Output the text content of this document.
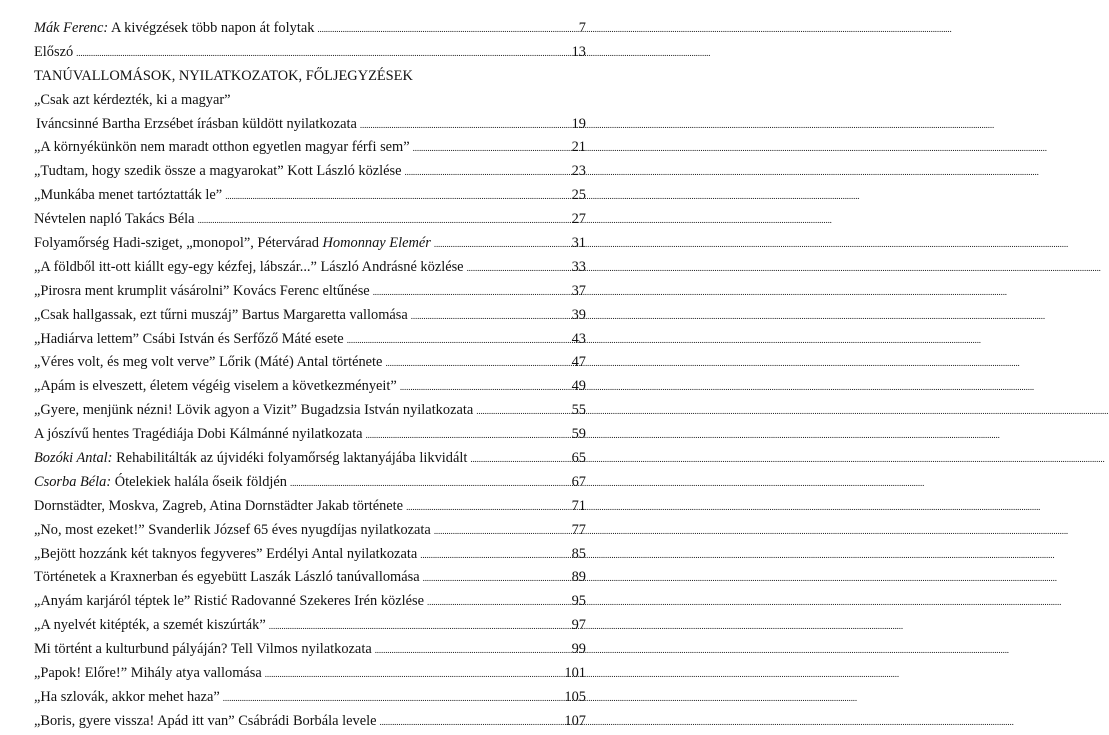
Mák Ferenc: A kivégzések több napon át folytak . . .	7
Előszó . . .	13
TANÚVALLOMÁSOK, NYILATKOZATOK, FŐLJEGYZÉSEK
„Csak azt kérdezték, ki a magyar”
Iváncsinné Bartha Erzsébet írásban küldött nyilatkozata . . .	19
„A környékünkön nem maradt otthon egyetlen magyar férfi sem” . . .	21
„Tudtam, hogy szedik össze a magyarokat” Kott László közlése . . .	23
„Munkába menet tartóztatták le” . . .	25
Névtelen napló Takács Béla . . .	27
Folyamőrség Hadi-sziget, „monopol”, Pétervárad Homonnay Elemér . . .	31
„A földből itt-ott kiállt egy-egy kézfej, lábszár...” László Andrásné közlése . . .	33
„Pirosra ment krumplit vásárolni” Kovács Ferenc eltűnése . . .	37
„Csak hallgassak, ezt tűrni muszáj” Bartus Margaretta vallomása . . .	39
„Hadiárva lettem” Csábi István és Serfőző Máté esete . . .	43
„Véres volt, és meg volt verve” Lőrik (Máté) Antal története . . .	47
„Apám is elveszett, életem végéig viselem a következményeit” . . .	49
„Gyere, menjünk nézni! Lövik agyon a Vizit” Bugadzsia István nyilatkozata . . .	55
A jószívű hentes Tragédiája Dobi Kálmánné nyilatkozata . . .	59
Bozóki Antal: Rehabilitálták az újvidéki folyamőrség laktanyájába likvidált . . .	65
Csorba Béla: Ótelekiek halála őseik földjén . . .	67
Dornstädter, Moskva, Zagreb, Atina Dornstädter Jakab története . . .	71
„No, most ezeket!” Svanderlik József 65 éves nyugdíjas nyilatkozata . . .	77
„Bejött hozzánk két taknyos fegyveres” Erdélyi Antal nyilatkozata . . .	85
Történetek a Kraxnerban és egyebütt Laszák László tanúvallomása . . .	89
„Anyám karjáról téptek le” Ristić Radovanné Szekeres Irén közlése . . .	95
„A nyelvét kitépték, a szemét kiszúrták” . . .	97
Mi történt a kulturbund pályáján? Tell Vilmos nyilatkozata . . .	99
„Papok! Előre!” Mihály atya vallomása . . .	101
„Ha szlovák, akkor mehet haza” . . .	105
„Boris, gyere vissza! Apád itt van” Csábrádi Borbála levele . . .	107
